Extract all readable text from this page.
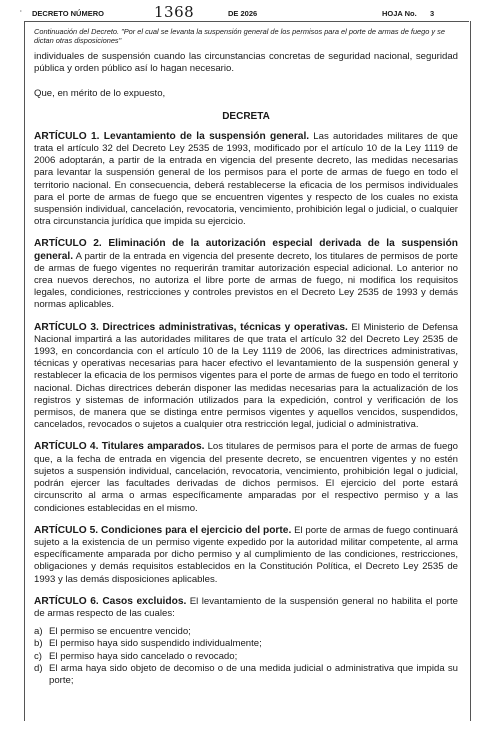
· DECRETO NÚMERO	1368	DE 2026	HOJA No. 3
Continuación del Decreto. "Por el cual se levanta la suspensión general de los permisos para el porte de armas de fuego y se dictan otras disposiciones"

individuales de suspensión cuando las circunstancias concretas de seguridad nacional, seguridad pública y orden público así lo hagan necesario.

Que, en mérito de lo expuesto,

DECRETA

ARTÍCULO 1. Levantamiento de la suspensión general. Las autoridades militares de que trata el artículo 32 del Decreto Ley 2535 de 1993, modificado por el artículo 10 de la Ley 1119 de 2006 adoptarán, a partir de la entrada en vigencia del presente decreto, las medidas necesarias para levantar la suspensión general de los permisos para el porte de armas de fuego en todo el territorio nacional. En consecuencia, deberá restablecerse la eficacia de los permisos individuales para el porte de armas de fuego que se encuentren vigentes y respecto de los cuales no exista suspensión individual, cancelación, revocatoria, vencimiento, prohibición legal o judicial, o cualquier otra circunstancia jurídica que impida su ejercicio.

ARTÍCULO 2. Eliminación de la autorización especial derivada de la suspensión general. A partir de la entrada en vigencia del presente decreto, los titulares de permisos de porte de armas de fuego vigentes no requerirán tramitar autorización especial adicional. Lo anterior no crea nuevos derechos, no autoriza el libre porte de armas de fuego, ni modifica los requisitos legales, condiciones, restricciones y controles previstos en el Decreto Ley 2535 de 1993 y demás normas aplicables.

ARTÍCULO 3. Directrices administrativas, técnicas y operativas. El Ministerio de Defensa Nacional impartirá a las autoridades militares de que trata el artículo 32 del Decreto Ley 2535 de 1993, en concordancia con el artículo 10 de la Ley 1119 de 2006, las directrices administrativas, técnicas y operativas necesarias para hacer efectivo el levantamiento de la suspensión general y restablecer la eficacia de los permisos vigentes para el porte de armas de fuego en todo el territorio nacional. Dichas directrices deberán disponer las medidas necesarias para la actualización de los registros y sistemas de información utilizados para la expedición, control y verificación de los permisos, de manera que se distinga entre permisos vigentes y aquellos vencidos, suspendidos, cancelados, revocados o sujetos a cualquier otra restricción legal, judicial o administrativa.

ARTÍCULO 4. Titulares amparados. Los titulares de permisos para el porte de armas de fuego que, a la fecha de entrada en vigencia del presente decreto, se encuentren vigentes y no estén sujetos a suspensión individual, cancelación, revocatoria, vencimiento, prohibición legal o judicial, podrán ejercer las facultades derivadas de dichos permisos. El ejercicio del porte estará circunscrito al arma o armas específicamente amparadas por el respectivo permiso y a las condiciones establecidas en el mismo.

ARTÍCULO 5. Condiciones para el ejercicio del porte. El porte de armas de fuego continuará sujeto a la existencia de un permiso vigente expedido por la autoridad militar competente, al arma específicamente amparada por dicho permiso y al cumplimiento de las condiciones, restricciones, obligaciones y demás requisitos establecidos en la Constitución Política, el Decreto Ley 2535 de 1993 y las demás disposiciones aplicables.

ARTÍCULO 6. Casos excluidos. El levantamiento de la suspensión general no habilita el porte de armas respecto de las cuales:

a) El permiso se encuentre vencido;
b) El permiso haya sido suspendido individualmente;
c) El permiso haya sido cancelado o revocado;
d) El arma haya sido objeto de decomiso o de una medida judicial o administrativa que impida su porte;
